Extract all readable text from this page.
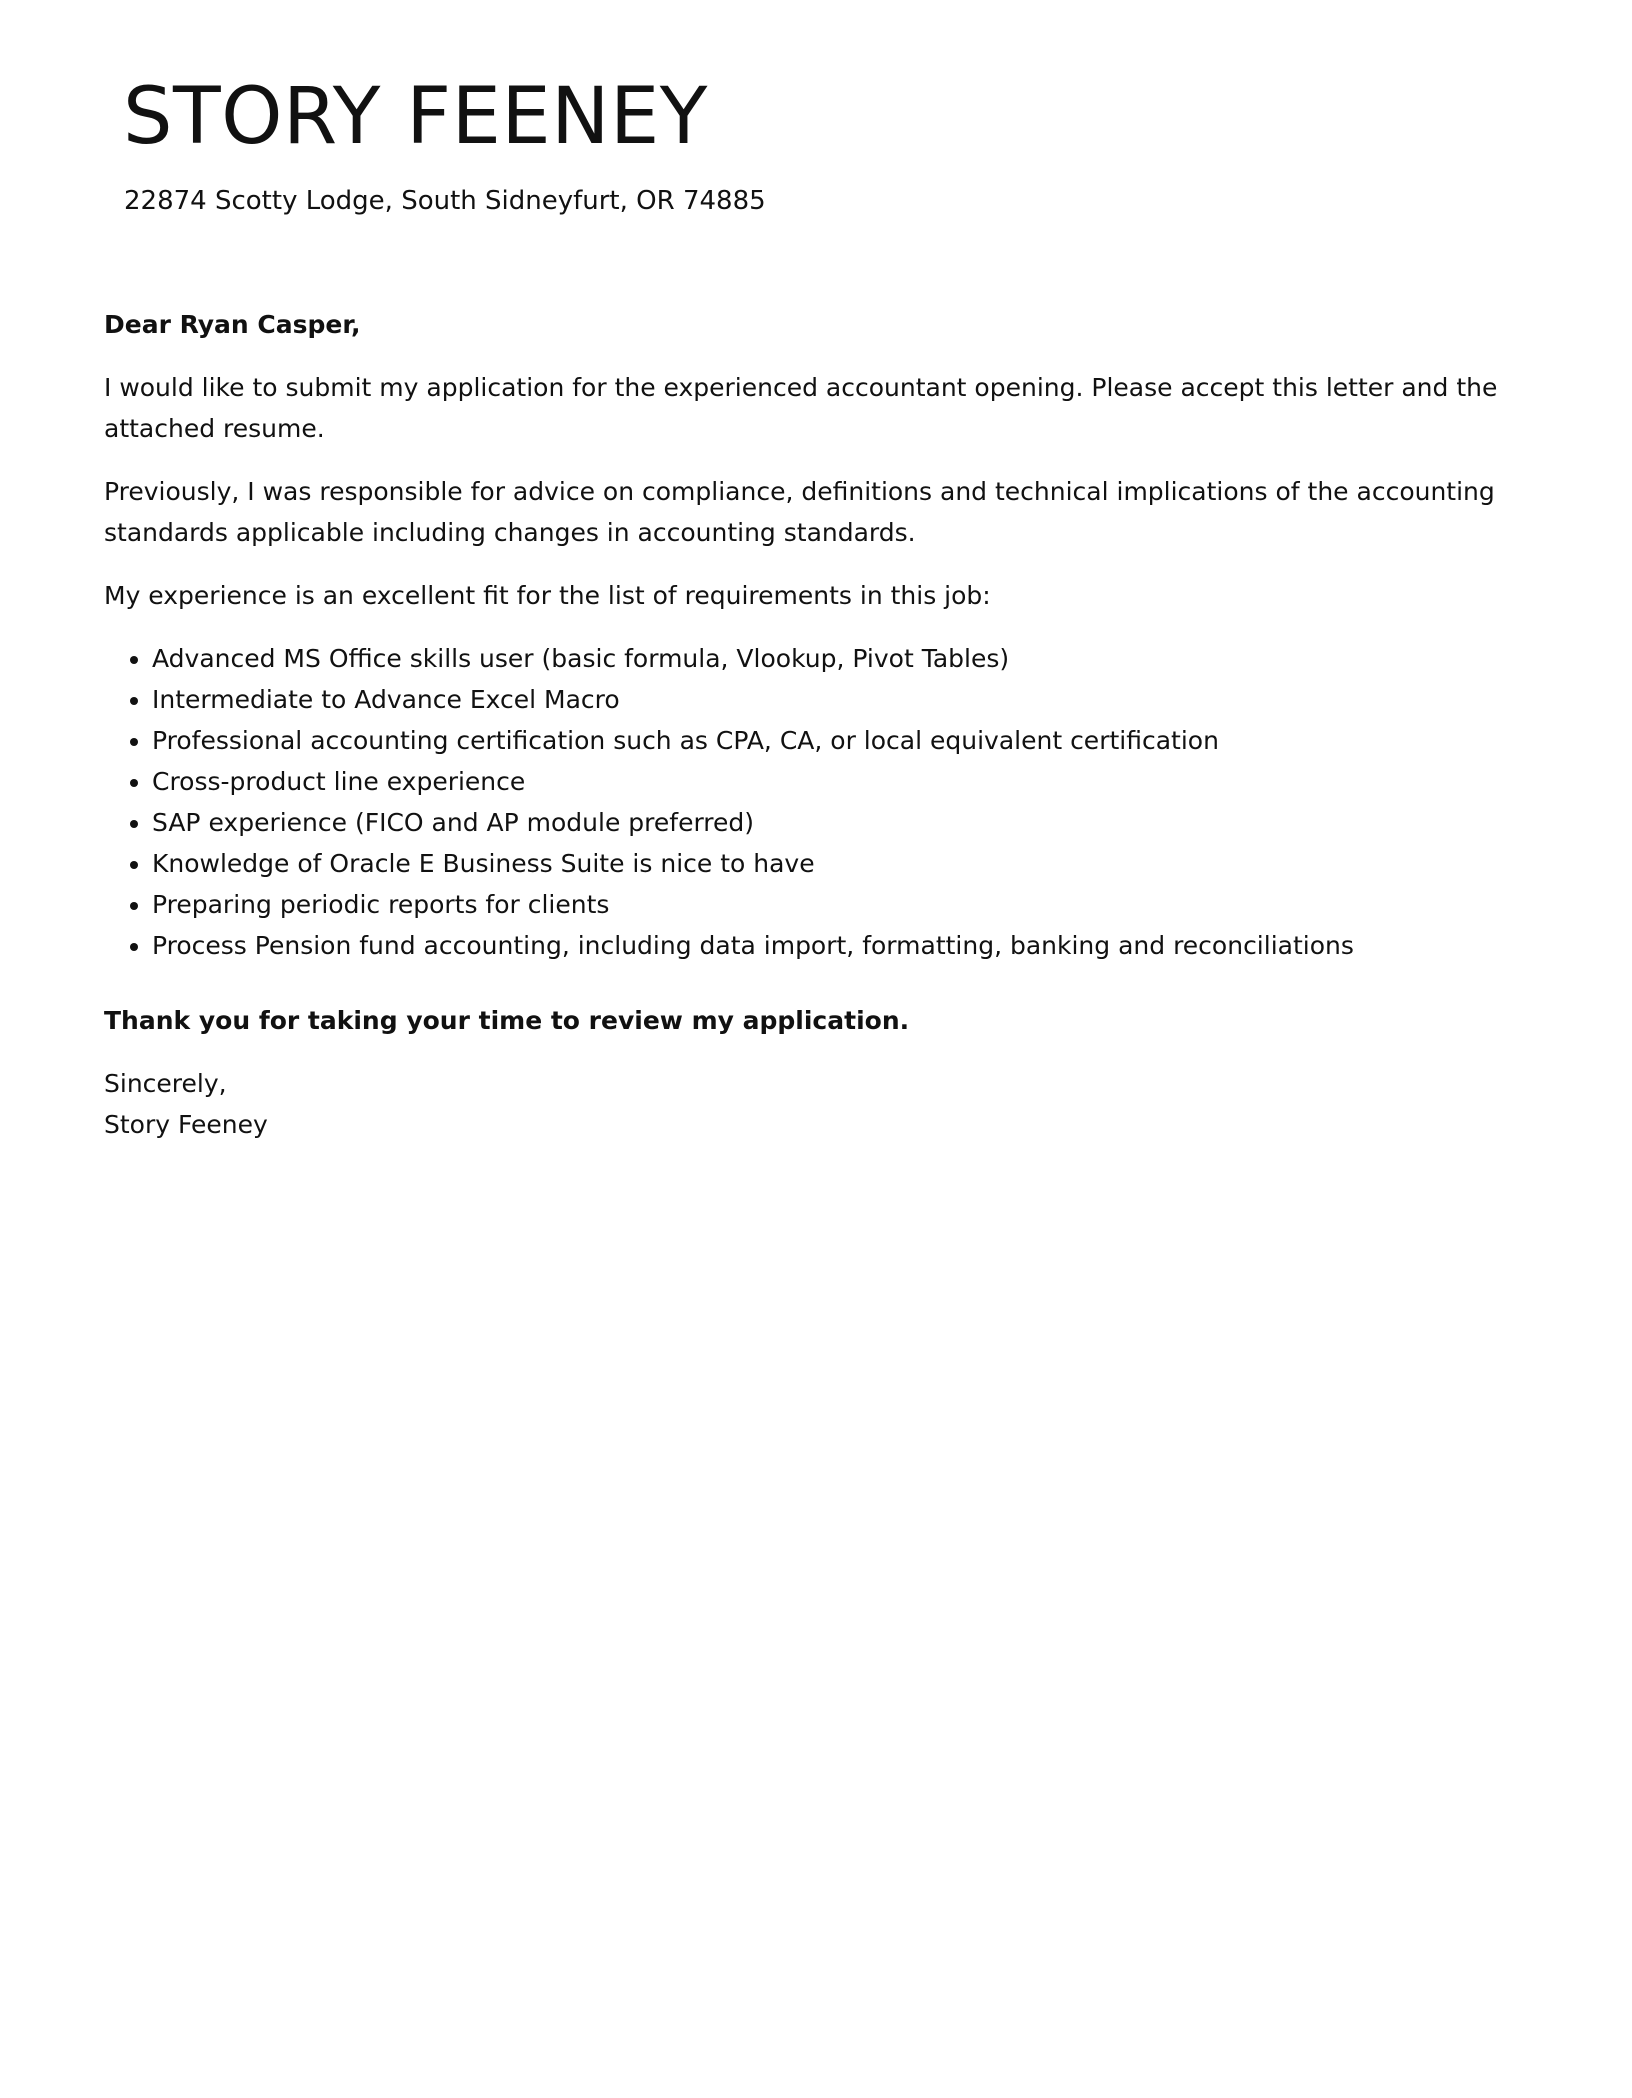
STORY FEENEY
22874 Scotty Lodge, South Sidneyfurt, OR 74885

Dear Ryan Casper,

I would like to submit my application for the experienced accountant opening. Please accept this letter and the attached resume.

Previously, I was responsible for advice on compliance, definitions and technical implications of the accounting standards applicable including changes in accounting standards.

My experience is an excellent fit for the list of requirements in this job:

• Advanced MS Office skills user (basic formula, Vlookup, Pivot Tables)
• Intermediate to Advance Excel Macro
• Professional accounting certification such as CPA, CA, or local equivalent certification
• Cross-product line experience
• SAP experience (FICO and AP module preferred)
• Knowledge of Oracle E Business Suite is nice to have
• Preparing periodic reports for clients
• Process Pension fund accounting, including data import, formatting, banking and reconciliations

Thank you for taking your time to review my application.

Sincerely,

Story Feeney
